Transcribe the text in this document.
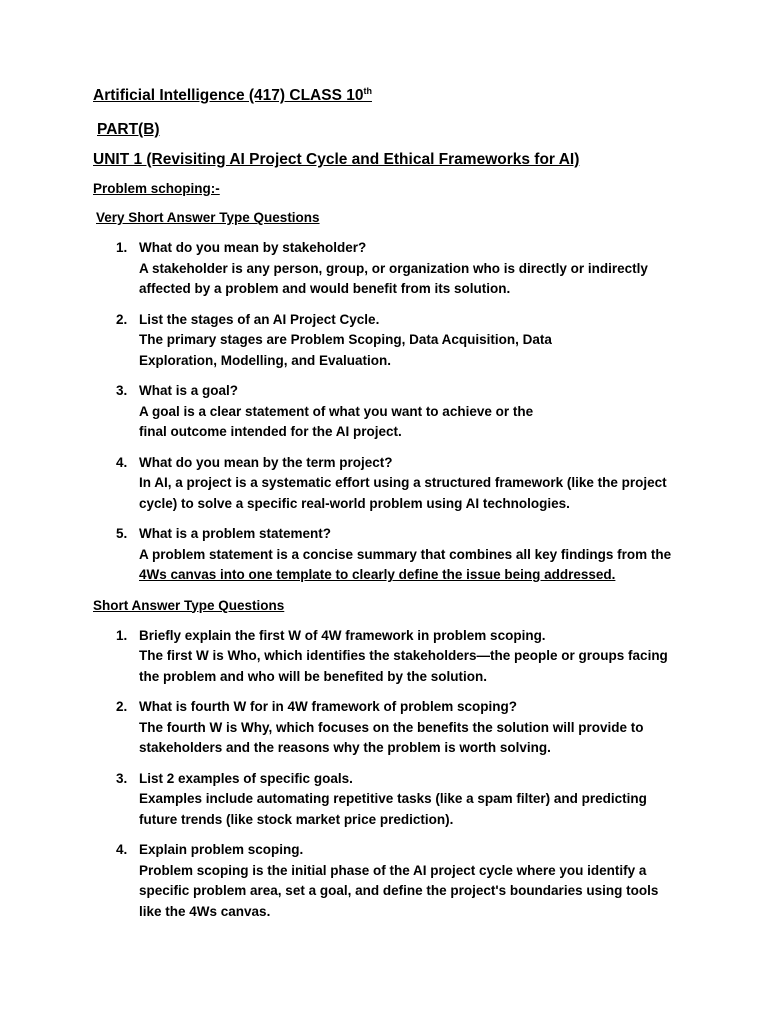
Artificial Intelligence (417) CLASS 10th
PART(B)
UNIT 1 (Revisiting AI Project Cycle and Ethical Frameworks for AI)
Problem schoping:-
Very Short Answer Type Questions
1. What do you mean by stakeholder?
A stakeholder is any person, group, or organization who is directly or indirectly affected by a problem and would benefit from its solution.
2. List the stages of an AI Project Cycle.
The primary stages are Problem Scoping, Data Acquisition, Data Exploration, Modelling, and Evaluation.
3. What is a goal?
A goal is a clear statement of what you want to achieve or the final outcome intended for the AI project.
4. What do you mean by the term project?
In AI, a project is a systematic effort using a structured framework (like the project cycle) to solve a specific real-world problem using AI technologies.
5. What is a problem statement?
A problem statement is a concise summary that combines all key findings from the
4Ws canvas into one template to clearly define the issue being addressed.
Short Answer Type Questions
1. Briefly explain the first W of 4W framework in problem scoping.
The first W is Who, which identifies the stakeholders—the people or groups facing the problem and who will be benefited by the solution.
2. What is fourth W for in 4W framework of problem scoping?
The fourth W is Why, which focuses on the benefits the solution will provide to stakeholders and the reasons why the problem is worth solving.
3. List 2 examples of specific goals.
Examples include automating repetitive tasks (like a spam filter) and predicting future trends (like stock market price prediction).
4. Explain problem scoping.
Problem scoping is the initial phase of the AI project cycle where you identify a specific problem area, set a goal, and define the project's boundaries using tools like the 4Ws canvas.
